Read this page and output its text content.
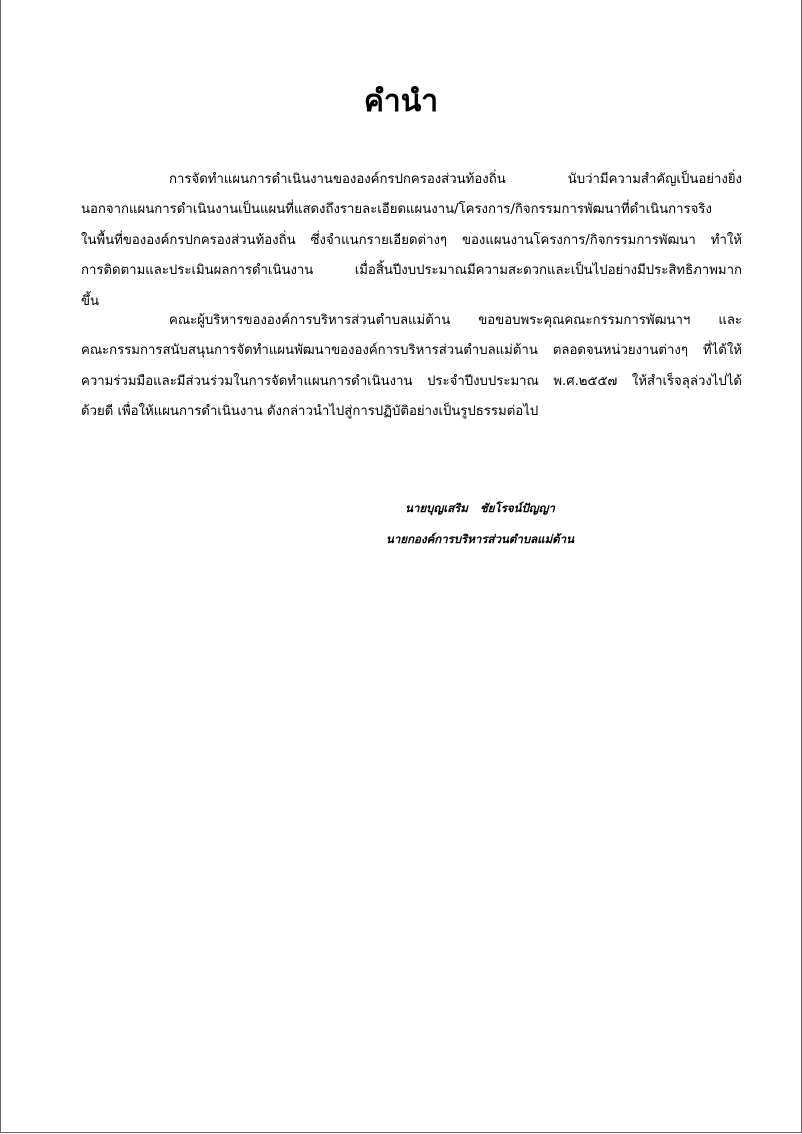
คำนำ
การจัดทำแผนการดำเนินงานขององค์กรปกครองส่วนท้องถิ่น นับว่ามีความสำคัญเป็นอย่างยิ่ง
นอกจากแผนการดำเนินงานเป็นแผนที่แสดงถึงรายละเอียดแผนงาน/โครงการ/กิจกรรมการพัฒนาที่ดำเนินการจริง
ในพื้นที่ขององค์กรปกครองส่วนท้องถิ่น ซึ่งจำแนกรายเอียดต่างๆ ของแผนงานโครงการ/กิจกรรมการพัฒนา ทำให้
การติดตามและประเมินผลการดำเนินงาน เมื่อสิ้นปีงบประมาณมีความสะดวกและเป็นไปอย่างมีประสิทธิภาพมาก
ขึ้น
คณะผู้บริหารขององค์การบริหารส่วนตำบลแม่ต้าน ขอขอบพระคุณคณะกรรมการพัฒนาฯ และ
คณะกรรมการสนับสนุนการจัดทำแผนพัฒนาขององค์การบริหารส่วนตำบลแม่ต้าน ตลอดจนหน่วยงานต่างๆ ที่ได้ให้
ความร่วมมือและมีส่วนร่วมในการจัดทำแผนการดำเนินงาน ประจำปีงบประมาณ พ.ศ.๒๕๕๗ ให้สำเร็จลุล่วงไปได้
ด้วยดี เพื่อให้แผนการดำเนินงาน ดังกล่าวนำไปสู่การปฏิบัติอย่างเป็นรูปธรรมต่อไป
นายบุญเสริม   ชัยโรจน์ปัญญา
นายกองค์การบริหารส่วนตำบลแม่ต้าน
